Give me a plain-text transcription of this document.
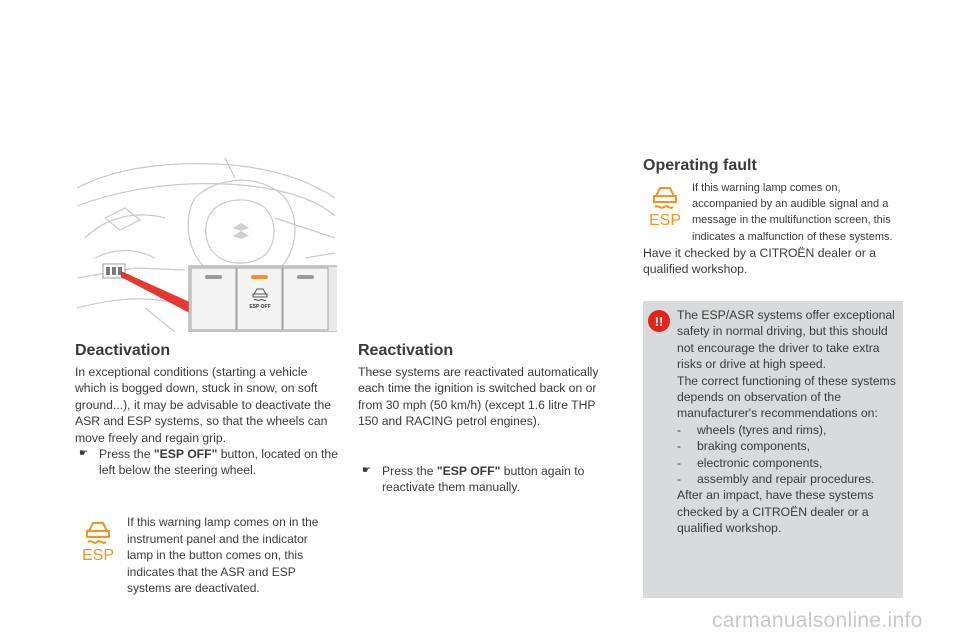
ESP OFF
Deactivation

In exceptional conditions (starting a vehicle which is bogged down, stuck in snow, on soft ground...), it may be advisable to deactivate the ASR and ESP systems, so that the wheels can move freely and regain grip.

☛ Press the "ESP OFF" button, located on the left below the steering wheel.
ESP

If this warning lamp comes on in the instrument panel and the indicator lamp in the button comes on, this indicates that the ASR and ESP systems are deactivated.

Reactivation

These systems are reactivated automatically each time the ignition is switched back on or from 30 mph (50 km/h) (except 1.6 litre THP 150 and RACING petrol engines).

☛ Press the "ESP OFF" button again to reactivate them manually.
Operating fault
ESP

If this warning lamp comes on, accompanied by an audible signal and a message in the multifunction screen, this indicates a malfunction of these systems.

Have it checked by a CITROËN dealer or a qualified workshop.

!! The ESP/ASR systems offer exceptional safety in normal driving, but this should not encourage the driver to take extra risks or drive at high speed.

The correct functioning of these systems depends on observation of the manufacturer's recommendations on:

-	wheels (tyres and rims),
-	braking components,
-	electronic components,
-	assembly and repair procedures.

After an impact, have these systems checked by a CITROËN dealer or a qualified workshop.

carmanualsonline.info
